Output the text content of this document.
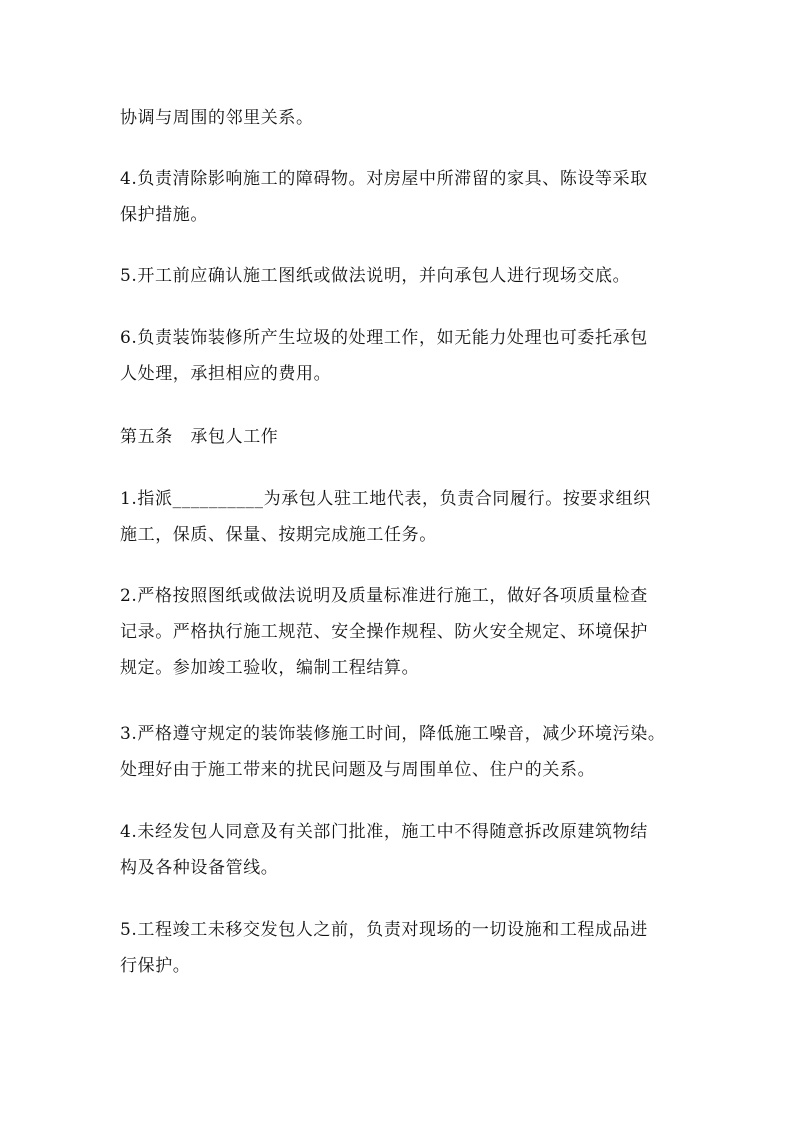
协调与周围的邻里关系。

4.负责清除影响施工的障碍物。对房屋中所滞留的家具、陈设等采取
保护措施。

5.开工前应确认施工图纸或做法说明，并向承包人进行现场交底。

6.负责装饰装修所产生垃圾的处理工作，如无能力处理也可委托承包
人处理，承担相应的费用。

第五条　承包人工作

1.指派__________为承包人驻工地代表，负责合同履行。按要求组织
施工，保质、保量、按期完成施工任务。

2.严格按照图纸或做法说明及质量标准进行施工，做好各项质量检查
记录。严格执行施工规范、安全操作规程、防火安全规定、环境保护
规定。参加竣工验收，编制工程结算。

3.严格遵守规定的装饰装修施工时间，降低施工噪音，减少环境污染。
处理好由于施工带来的扰民问题及与周围单位、住户的关系。

4.未经发包人同意及有关部门批准，施工中不得随意拆改原建筑物结
构及各种设备管线。

5.工程竣工未移交发包人之前，负责对现场的一切设施和工程成品进
行保护。
